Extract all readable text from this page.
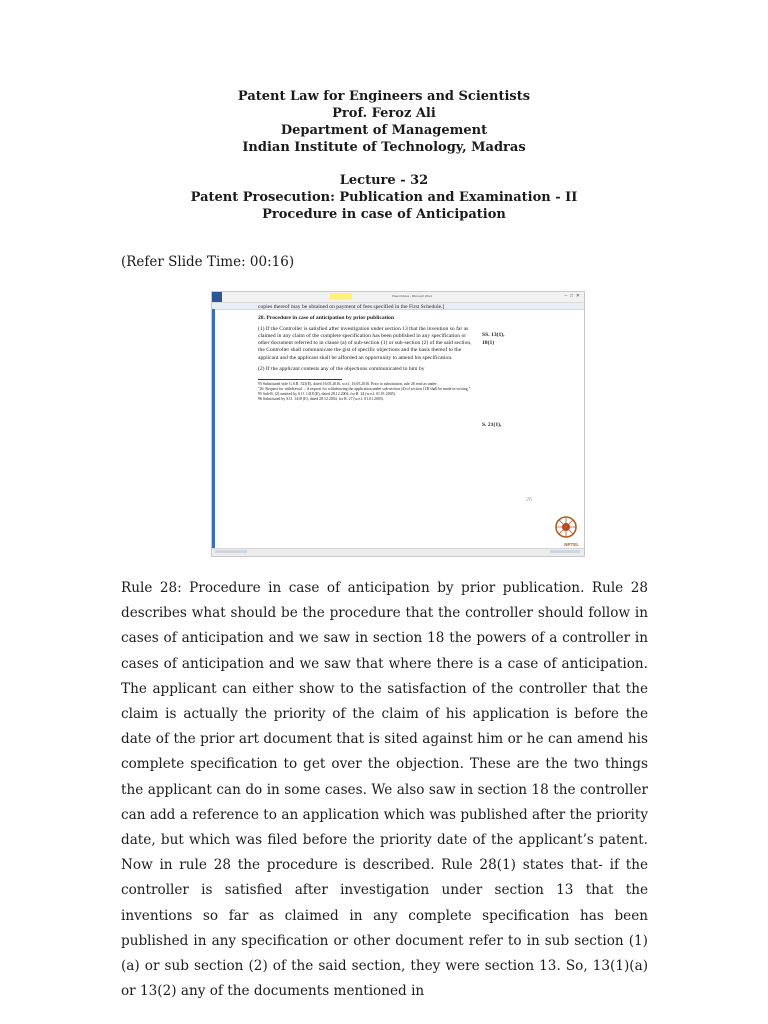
Patent Law for Engineers and Scientists
Prof. Feroz Ali
Department of Management
Indian Institute of Technology, Madras
Lecture - 32
Patent Prosecution: Publication and Examination - II
Procedure in case of Anticipation
(Refer Slide Time: 00:16)
Patent Rules - Microsoft Word	–  □  ✕

copies thereof may be obtained on payment of fees specified in the First Schedule.]

28. Procedure in case of anticipation by prior publication

(1) If the Controller is satisfied after investigation under section 13 that the invention so far as claimed in any claim of the complete specification has been published in any specification or other document referred to in clause (a) of sub-section (1) or sub-section (2) of the said section, the Controller shall communicate the gist of specific objections and the basis thereof to the applicant and the applicant shall be afforded an opportunity to amend his specification.

(2) If the applicant contests any of the objections communicated to him by

95 Substituted vide G.S.R. 523(E), dated 16.05.2016, w.e.f. 16.05.2016. Prior to substitution, rule 26 read as under:
"26. Request for withdrawal. – A request for withdrawing the application under sub-section (4) of section 11B shall be made in writing."
95 Sub-R. (2) omitted by S.O. 1418 (E), dated 28.12.2004, for R. 24 (w.e.f. 01.01.2005).
96 Substituted by S.O. 1418 (E), dated 28.12.2004, for R. 27 (w.e.f. 01.01.2005).
SS. 13(1),
18(1)
S. 21(1),
26
NPTEL
Rule 28: Procedure in case of anticipation by prior publication. Rule 28 describes what should be the procedure that the controller should follow in cases of anticipation and we saw in section 18 the powers of a controller in cases of anticipation and we saw that where there is a case of anticipation. The applicant can either show to the satisfaction of the controller that the claim is actually the priority of the claim of his application is before the date of the prior art document that is sited against him or he can amend his complete specification to get over the objection. These are the two things the applicant can do in some cases. We also saw in section 18 the controller can add a reference to an application which was published after the priority date, but which was filed before the priority date of the applicant’s patent. Now in rule 28 the procedure is described. Rule 28(1) states that- if the controller is satisfied after investigation under section 13 that the inventions so far as claimed in any complete specification has been published in any specification or other document refer to in sub section (1)(a) or sub section (2) of the said section, they were section 13. So, 13(1)(a) or 13(2) any of the documents mentioned in
